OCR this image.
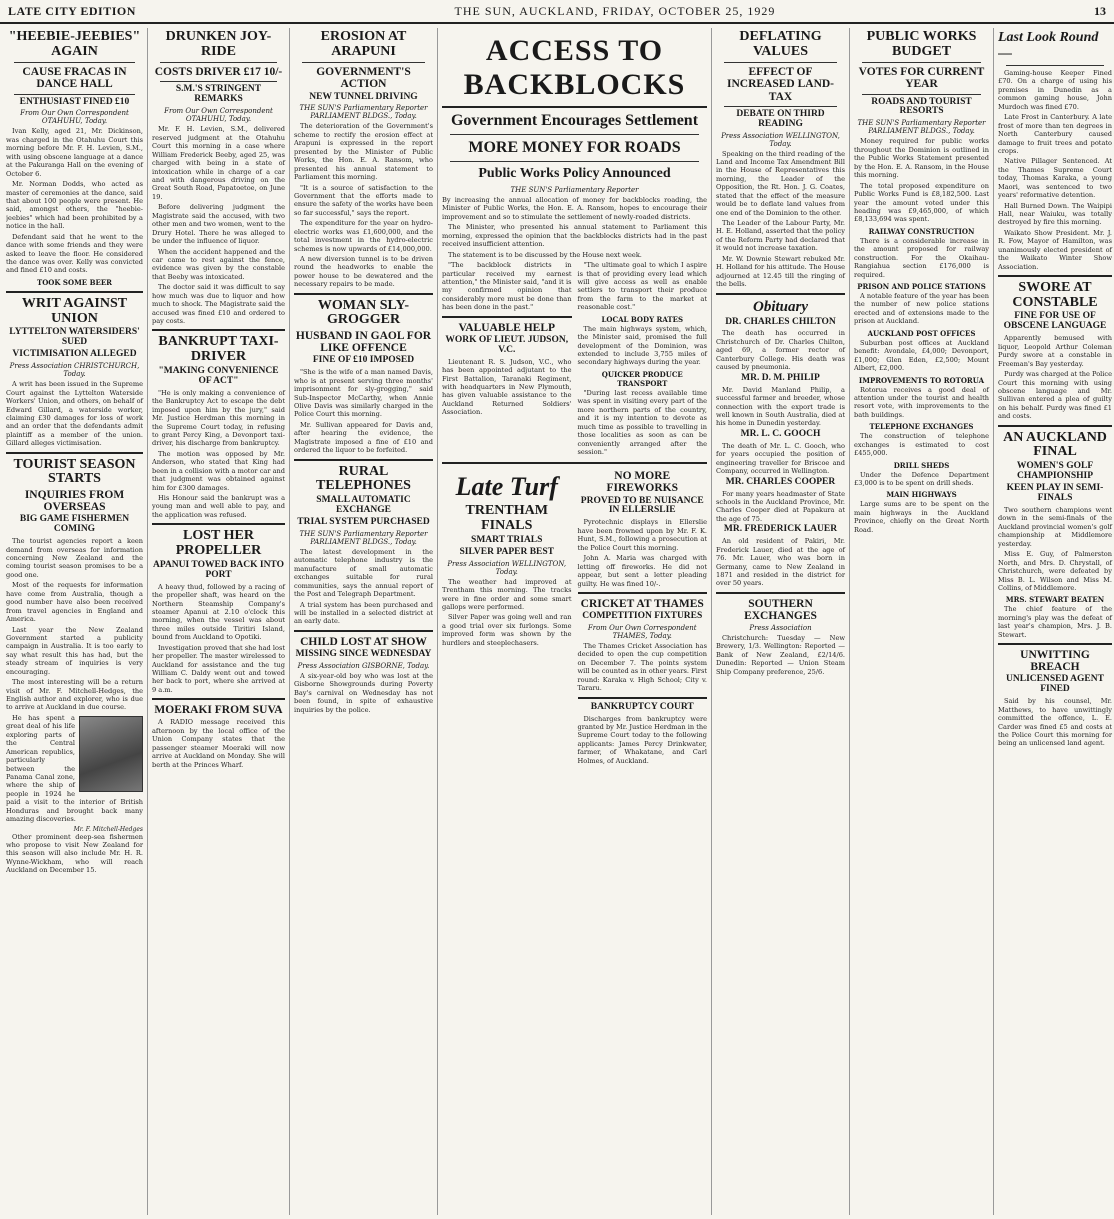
LATE CITY EDITION	THE SUN, AUCKLAND, FRIDAY, OCTOBER 25, 1929	13
"HEEBIE-JEEBIES" AGAIN
CAUSE FRACAS IN DANCE HALL
ENTHUSIAST FINED £10
From Our Own Correspondent OTAHUHU, Today.

Ivan Kelly, aged 21, Mr. Dickinson, was charged in the Otahuhu Court this morning before Mr. F. H. Levien, S.M., with using obscene language at a dance at the Pakuranga Hall on the evening of October 6.

Mr. Norman Dodds, who acted as master of ceremonies at the dance, said that about 100 people were present. He said, amongst others, the "heebie-jeebies" which had been prohibited by a notice in the hall.

Defendant said that he went to the dance with some friends and they were asked to leave the floor. He considered the dance was over. Kelly was convicted and fined £10 and costs.

TOOK SOME BEER
WRIT AGAINST UNION
LYTTELTON WATERSIDERS' SUED
VICTIMISATION ALLEGED
Press Association CHRISTCHURCH, Today.

A writ has been issued in the Supreme Court against the Lyttelton Waterside Workers' Union, and others, on behalf of Edward Gillard, a waterside worker, claiming £30 damages for loss of work and an order that the defendants admit plaintiff as a member of the union. Gillard alleges victimisation.

TOURIST SEASON STARTS
INQUIRIES FROM OVERSEAS
BIG GAME FISHERMEN COMING

The tourist agencies report a keen demand from overseas for information concerning New Zealand and the coming tourist season promises to be a good one.

Most of the requests for information have come from Australia, though a good number have also been received from travel agencies in England and America.

Last year the New Zealand Government started a publicity campaign in Australia. It is too early to say what result this has had, but the steady stream of inquiries is very encouraging.

The most interesting will be a return visit of Mr. F. Mitchell-Hedges, the English author and explorer, who is due to arrive at Auckland in due course.

He has spent a great deal of his life exploring parts of the Central American republics, particularly between the Panama Canal zone, where the ship of people in 1924 he paid a visit to the interior of British Honduras and brought back many amazing discoveries.

Mr. F. Mitchell-Hedges

Other prominent deep-sea fishermen who propose to visit New Zealand for this season will also include Mr. H. R. Wynne-Wickham, who will reach Auckland on December 15.

DRUNKEN JOY-RIDE
COSTS DRIVER £17 10/-
S.M.'S STRINGENT REMARKS
From Our Own Correspondent OTAHUHU, Today.

Mr. F. H. Levien, S.M., delivered reserved judgment at the Otahuhu Court this morning in a case where William Frederick Beeby, aged 25, was charged with being in a state of intoxication while in charge of a car and with dangerous driving on the Great South Road, Papatoetoe, on June 19.

Before delivering judgment the Magistrate said the accused, with two other men and two women, went to the Drury Hotel. There he was alleged to be under the influence of liquor.

When the accident happened and the car came to rest against the fence, evidence was given by the constable that Beeby was intoxicated.

The doctor said it was difficult to say how much was due to liquor and how much to shock. The Magistrate said the accused was fined £10 and ordered to pay costs.

BANKRUPT TAXI-DRIVER
"MAKING CONVENIENCE OF ACT"

"He is only making a convenience of the Bankruptcy Act to escape the debt imposed upon him by the jury," said Mr. Justice Herdman this morning in the Supreme Court today, in refusing to grant Percy King, a Devonport taxi-driver, his discharge from bankruptcy.

The motion was opposed by Mr. Anderson, who stated that King had been in a collision with a motor car and that judgment was obtained against him for £300 damages.

His Honour said the bankrupt was a young man and well able to pay, and the application was refused.

LOST HER PROPELLER
APANUI TOWED BACK INTO PORT

A heavy thud, followed by a racing of the propeller shaft, was heard on the Northern Steamship Company's steamer Apanui at 2.10 o'clock this morning, when the vessel was about three miles outside Tiritiri Island, bound from Auckland to Opotiki.

Investigation proved that she had lost her propeller. The master wirelessed to Auckland for assistance and the tug William C. Daldy went out and towed her back to port, where she arrived at 9 a.m.

MOERAKI FROM SUVA

A RADIO message received this afternoon by the local office of the Union Company states that the passenger steamer Moeraki will now arrive at Auckland on Monday. She will berth at the Princes Wharf.

EROSION AT ARAPUNI
GOVERNMENT'S ACTION
NEW TUNNEL DRIVING
THE SUN'S Parliamentary Reporter PARLIAMENT BLDGS., Today.

The deterioration of the Government's scheme to rectify the erosion effect at Arapuni is expressed in the report presented by the Minister of Public Works, the Hon. E. A. Ransom, who presented his annual statement to Parliament this morning.

"It is a source of satisfaction to the Government that the efforts made to ensure the safety of the works have been so far successful," says the report.

The expenditure for the year on hydro-electric works was £1,600,000, and the total investment in the hydro-electric schemes is now upwards of £14,000,000.

A new diversion tunnel is to be driven round the headworks to enable the power house to be dewatered and the necessary repairs to be made.

WOMAN SLY-GROGGER
HUSBAND IN GAOL FOR LIKE OFFENCE
FINE OF £10 IMPOSED

"She is the wife of a man named Davis, who is at present serving three months' imprisonment for sly-grogging," said Sub-Inspector McCarthy, when Annie Olive Davis was similarly charged in the Police Court this morning.

Mr. Sullivan appeared for Davis and, after hearing the evidence, the Magistrate imposed a fine of £10 and ordered the liquor to be forfeited.

RURAL TELEPHONES
SMALL AUTOMATIC EXCHANGE
TRIAL SYSTEM PURCHASED
THE SUN'S Parliamentary Reporter PARLIAMENT BLDGS., Today.

The latest development in the automatic telephone industry is the manufacture of small automatic exchanges suitable for rural communities, says the annual report of the Post and Telegraph Department.

A trial system has been purchased and will be installed in a selected district at an early date.

CHILD LOST AT SHOW
MISSING SINCE WEDNESDAY
Press Association GISBORNE, Today.

A six-year-old boy who was lost at the Gisborne Showgrounds during Poverty Bay's carnival on Wednesday has not been found, in spite of exhaustive inquiries by the police.

ACCESS TO BACKBLOCKS
Government Encourages Settlement
MORE MONEY FOR ROADS
Public Works Policy Announced
THE SUN'S Parliamentary Reporter

By increasing the annual allocation of money for backblocks roading, the Minister of Public Works, the Hon. E. A. Ransom, hopes to encourage their improvement and so to stimulate the settlement of newly-roaded districts.

The Minister, who presented his annual statement to Parliament this morning, expressed the opinion that the backblocks districts had in the past received insufficient attention.

The statement is to be discussed by the House next week.

"The backblock districts in particular received my earnest attention," the Minister said, "and it is my confirmed opinion that considerably more must be done than has been done in the past."

VALUABLE HELP
WORK OF LIEUT. JUDSON, V.C.

Lieutenant R. S. Judson, V.C., who has been appointed adjutant to the First Battalion, Taranaki Regiment, with headquarters in New Plymouth, has given valuable assistance to the Auckland Returned Soldiers' Association.

"The ultimate goal to which I aspire is that of providing every lead which will give access as well as enable settlers to transport their produce from the farm to the market at reasonable cost."

LOCAL BODY RATES

The main highways system, which, the Minister said, promised the full development of the Dominion, was extended to include 3,755 miles of secondary highways during the year.

QUICKER PRODUCE TRANSPORT

"During last recess available time was spent in visiting every part of the more northern parts of the country, and it is my intention to devote as much time as possible to travelling in those localities as soon as can be conveniently arranged after the session."

Late Turf
TRENTHAM FINALS
SMART TRIALS
SILVER PAPER BEST
Press Association WELLINGTON, Today.

The weather had improved at Trentham this morning. The tracks were in fine order and some smart gallops were performed.

Silver Paper was going well and ran a good trial over six furlongs. Some improved form was shown by the hurdlers and steeplechasers.

NO MORE FIREWORKS
PROVED TO BE NUISANCE IN ELLERSLIE

Pyrotechnic displays in Ellerslie have been frowned upon by Mr. F. K. Hunt, S.M., following a prosecution at the Police Court this morning.

John A. Maria was charged with letting off fireworks. He did not appear, but sent a letter pleading guilty. He was fined 10/-.

CRICKET AT THAMES
COMPETITION FIXTURES
From Our Own Correspondent THAMES, Today.

The Thames Cricket Association has decided to open the cup competition on December 7. The points system will be counted as in other years. First round: Karaka v. High School; City v. Tararu.

BANKRUPTCY COURT

Discharges from bankruptcy were granted by Mr. Justice Herdman in the Supreme Court today to the following applicants: James Percy Drinkwater, farmer, of Whakatane, and Carl Holmes, of Auckland.

DEFLATING VALUES
EFFECT OF INCREASED LAND-TAX
DEBATE ON THIRD READING
Press Association WELLINGTON, Today.

Speaking on the third reading of the Land and Income Tax Amendment Bill in the House of Representatives this morning, the Leader of the Opposition, the Rt. Hon. J. G. Coates, stated that the effect of the measure would be to deflate land values from one end of the Dominion to the other.

The Leader of the Labour Party, Mr. H. E. Holland, asserted that the policy of the Reform Party had declared that it would not increase taxation.

Mr. W. Downie Stewart rebuked Mr. H. Holland for his attitude. The House adjourned at 12.45 till the ringing of the bells.

Obituary
DR. CHARLES CHILTON

The death has occurred in Christchurch of Dr. Charles Chilton, aged 69, a former rector of Canterbury College. His death was caused by pneumonia.

MR. D. M. PHILIP

Mr. David Manland Philip, a successful farmer and breeder, whose connection with the export trade is well known in South Australia, died at his home in Dunedin yesterday.

MR. L. C. GOOCH

The death of Mr. L. C. Gooch, who for years occupied the position of engineering traveller for Briscoe and Company, occurred in Wellington.

MR. CHARLES COOPER

For many years headmaster of State schools in the Auckland Province, Mr. Charles Cooper died at Papakura at the age of 75.

MR. FREDERICK LAUER

An old resident of Pakiri, Mr. Frederick Lauer, died at the age of 76. Mr. Lauer, who was born in Germany, came to New Zealand in 1871 and resided in the district for over 50 years.

SOUTHERN EXCHANGES
Press Association

Christchurch: Tuesday — New Brewery, 1/3. Wellington: Reported — Bank of New Zealand, £2/14/6. Dunedin: Reported — Union Steam Ship Company preference, 25/6.

PUBLIC WORKS BUDGET
VOTES FOR CURRENT YEAR
ROADS AND TOURIST RESORTS
THE SUN'S Parliamentary Reporter PARLIAMENT BLDGS., Today.

Money required for public works throughout the Dominion is outlined in the Public Works Statement presented by the Hon. E. A. Ransom, in the House this morning.

The total proposed expenditure on Public Works Fund is £8,182,500. Last year the amount voted under this heading was £9,465,000, of which £8,133,694 was spent.

RAILWAY CONSTRUCTION

There is a considerable increase in the amount proposed for railway construction. For the Okaihau-Rangiahua section £176,000 is required.

PRISON AND POLICE STATIONS

A notable feature of the year has been the number of new police stations erected and of extensions made to the prison at Auckland.

AUCKLAND POST OFFICES

Suburban post offices at Auckland benefit: Avondale, £4,000; Devonport, £1,000; Glen Eden, £2,500; Mount Albert, £2,000.

IMPROVEMENTS TO ROTORUA

Rotorua receives a good deal of attention under the tourist and health resort vote, with improvements to the bath buildings.

TELEPHONE EXCHANGES

The construction of telephone exchanges is estimated to cost £455,000.

DRILL SHEDS

Under the Defence Department £3,000 is to be spent on drill sheds.

MAIN HIGHWAYS

Large sums are to be spent on the main highways in the Auckland Province, chiefly on the Great North Road.

Last Look Round—

Gaming-house Keeper Fined £70. On a charge of using his premises in Dunedin as a common gaming house, John Murdoch was fined £70.

Late Frost in Canterbury. A late frost of more than ten degrees in North Canterbury caused damage to fruit trees and potato crops.

Native Pillager Sentenced. At the Thames Supreme Court today, Thomas Karaka, a young Maori, was sentenced to two years' reformative detention.

Hall Burned Down. The Waipipi Hall, near Waiuku, was totally destroyed by fire this morning.

Waikato Show President. Mr. J. R. Fow, Mayor of Hamilton, was unanimously elected president of the Waikato Winter Show Association.

SWORE AT CONSTABLE
FINE FOR USE OF OBSCENE LANGUAGE

Apparently bemused with liquor, Leopold Arthur Coleman Purdy swore at a constable in Freeman's Bay yesterday.

Purdy was charged at the Police Court this morning with using obscene language and Mr. Sullivan entered a plea of guilty on his behalf. Purdy was fined £1 and costs.

AN AUCKLAND FINAL
WOMEN'S GOLF CHAMPIONSHIP
KEEN PLAY IN SEMI-FINALS

Two southern champions went down in the semi-finals of the Auckland provincial women's golf championship at Middlemore yesterday.

Miss E. Guy, of Palmerston North, and Mrs. D. Chrystall, of Christchurch, were defeated by Miss B. L. Wilson and Miss M. Collins, of Middlemore.

MRS. STEWART BEATEN

The chief feature of the morning's play was the defeat of last year's champion, Mrs. J. B. Stewart.

UNWITTING BREACH
UNLICENSED AGENT FINED

Said by his counsel, Mr. Matthews, to have unwittingly committed the offence, L. E. Carder was fined £5 and costs at the Police Court this morning for being an unlicensed land agent.
